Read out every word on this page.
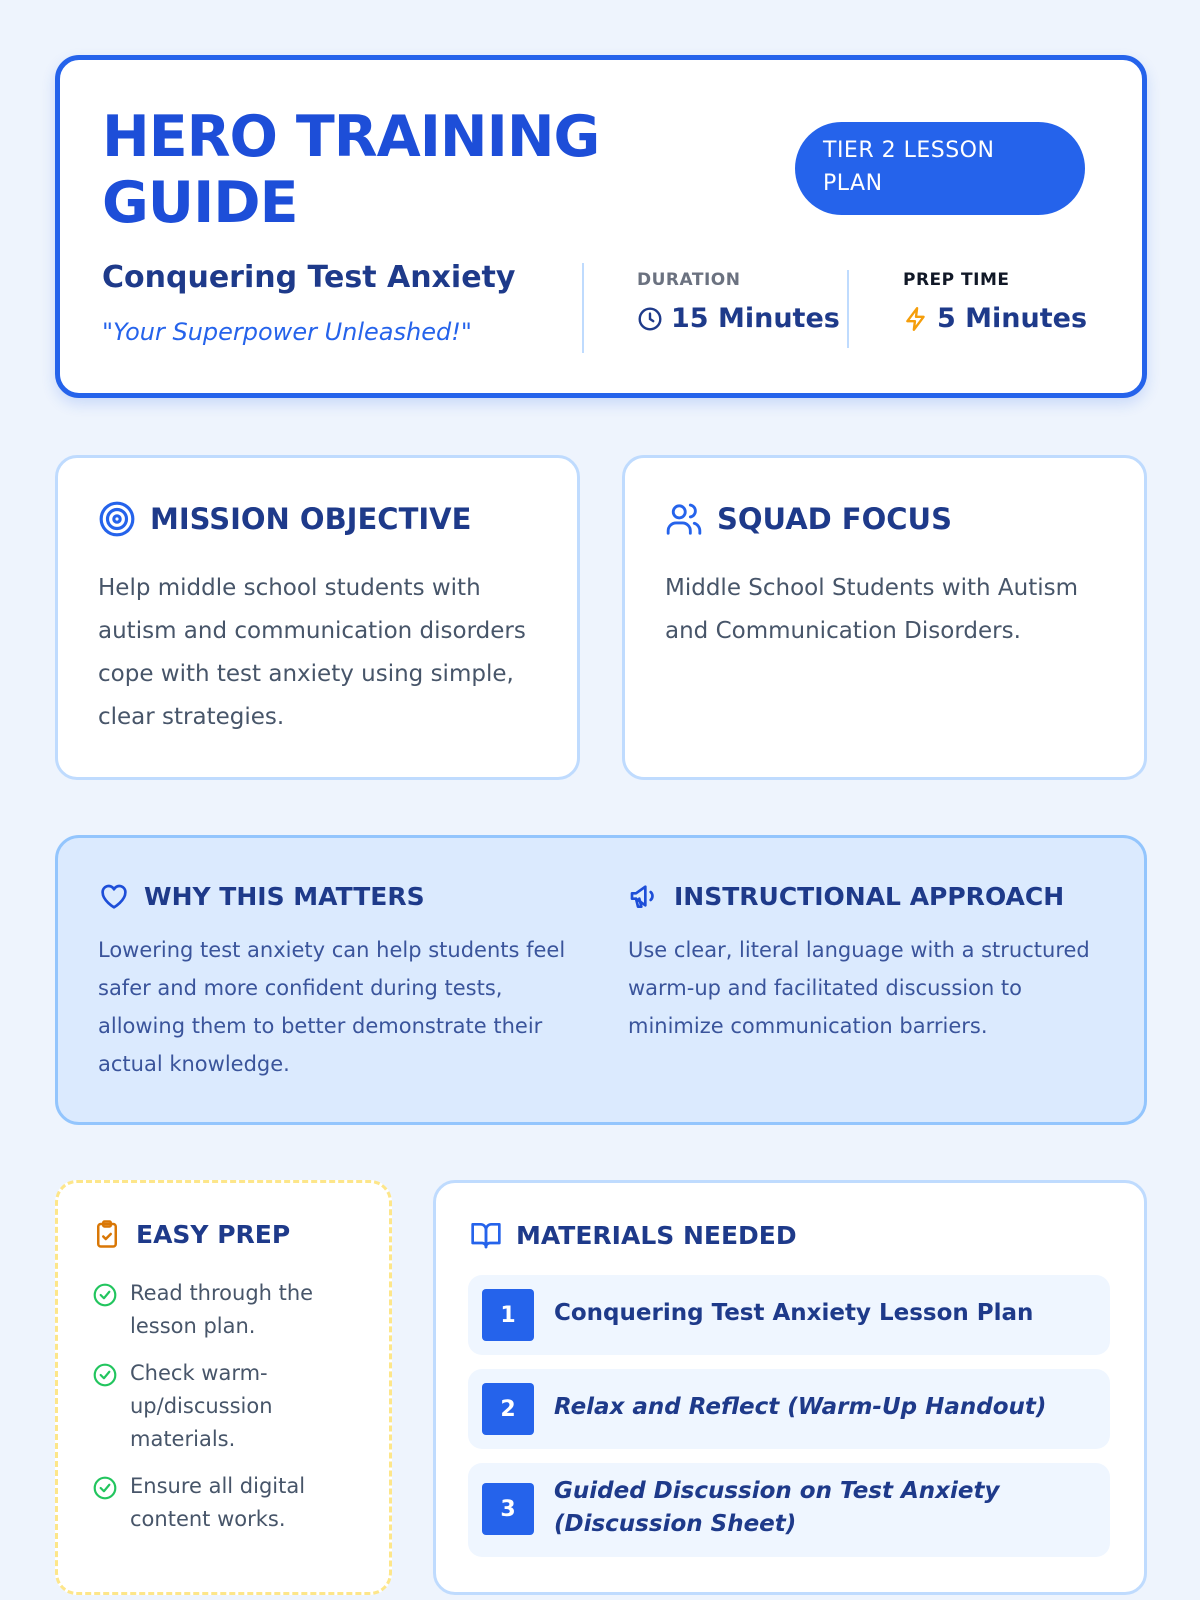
HERO TRAINING GUIDE
TIER 2 LESSON PLAN
Conquering Test Anxiety
"Your Superpower Unleashed!"
DURATION
15 Minutes
PREP TIME
5 Minutes
MISSION OBJECTIVE
Help middle school students with autism and communication disorders cope with test anxiety using simple, clear strategies.
SQUAD FOCUS
Middle School Students with Autism and Communication Disorders.
WHY THIS MATTERS
Lowering test anxiety can help students feel safer and more confident during tests, allowing them to better demonstrate their actual knowledge.
INSTRUCTIONAL APPROACH
Use clear, literal language with a structured warm-up and facilitated discussion to minimize communication barriers.
EASY PREP
Read through the lesson plan.
Check warm-up/discussion materials.
Ensure all digital content works.
MATERIALS NEEDED
1	Conquering Test Anxiety Lesson Plan
2	Relax and Reflect (Warm-Up Handout)
3
Guided Discussion on Test Anxiety (Discussion Sheet)
